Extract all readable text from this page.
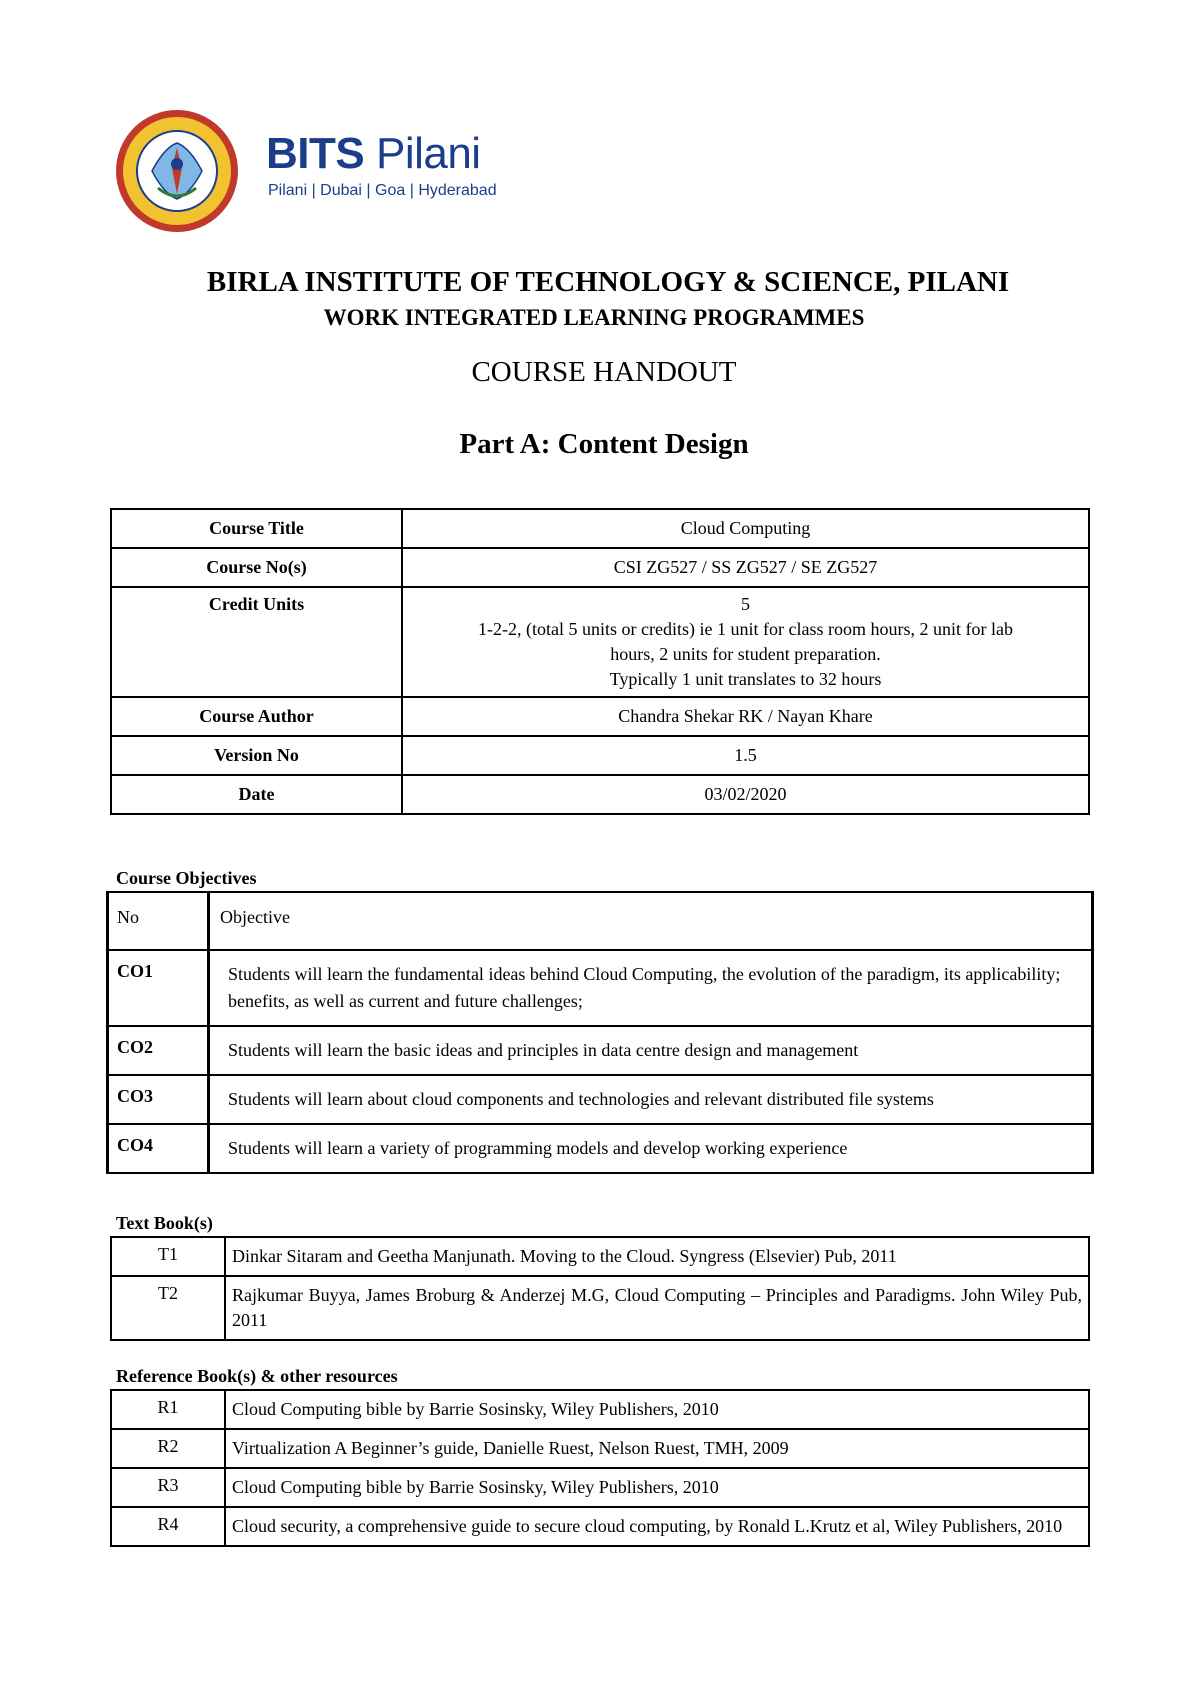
BITS Pilani
Pilani | Dubai | Goa | Hyderabad
BIRLA INSTITUTE OF TECHNOLOGY & SCIENCE, PILANI
WORK INTEGRATED LEARNING PROGRAMMES
COURSE HANDOUT
Part A: Content Design
Course Title	Cloud Computing
Course No(s)	CSI ZG527 / SS ZG527 / SE ZG527
Credit Units	5
1-2-2, (total 5 units or credits) ie 1 unit for class room hours, 2 unit for lab
hours, 2 units for student preparation.
Typically 1 unit translates to 32 hours

Course Author	Chandra Shekar RK / Nayan Khare
Version No	1.5
Date	03/02/2020
Course Objectives
No	Objective
CO1	Students will learn the fundamental ideas behind Cloud Computing, the evolution of the paradigm, its applicability; benefits, as well as current and future challenges;
CO2	Students will learn the basic ideas and principles in data centre design and management
CO3	Students will learn about cloud components and technologies and relevant distributed file systems
CO4	Students will learn a variety of programming models and develop working experience
Text Book(s)
T1	Dinkar Sitaram and Geetha Manjunath. Moving to the Cloud. Syngress (Elsevier) Pub, 2011
T2	Rajkumar Buyya, James Broburg & Anderzej M.G, Cloud Computing – Principles and Paradigms. John Wiley Pub, 2011
Reference Book(s) & other resources
R1	Cloud Computing bible by Barrie Sosinsky, Wiley Publishers, 2010
R2	Virtualization A Beginner’s guide, Danielle Ruest, Nelson Ruest, TMH, 2009
R3	Cloud Computing bible by Barrie Sosinsky, Wiley Publishers, 2010
R4	Cloud security, a comprehensive guide to secure cloud computing, by Ronald L.Krutz et al, Wiley Publishers, 2010
